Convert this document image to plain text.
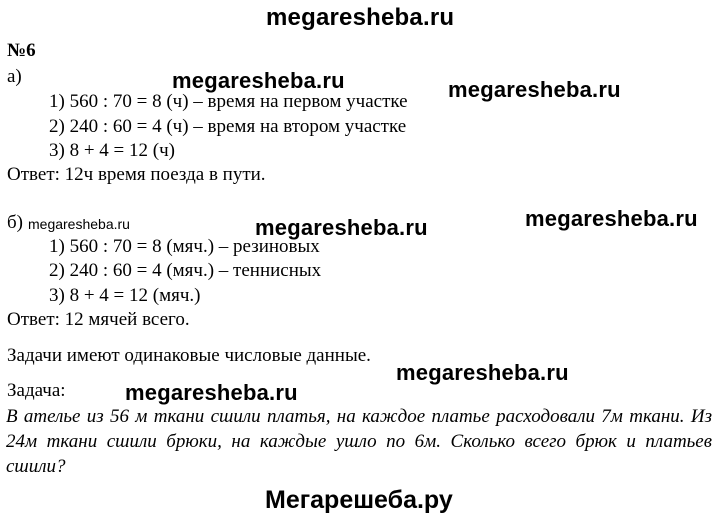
megaresheba.ru
№6
а)	megaresheba.ru	megaresheba.ru
1) 560 : 70 = 8 (ч) – время на первом участке
2) 240 : 60 = 4 (ч) – время на втором участке
3) 8 + 4 = 12 (ч)
Ответ: 12ч время поезда в пути.
б) megaresheba.ru	megaresheba.ru	megaresheba.ru
1) 560 : 70 = 8 (мяч.) – резиновых
2) 240 : 60 = 4 (мяч.) – теннисных
3) 8 + 4 = 12 (мяч.)
Ответ: 12 мячей всего.
Задачи имеют одинаковые числовые данные.
megaresheba.ru
Задача:	megaresheba.ru
В ателье из 56 м ткани сшили платья, на каждое платье расходовали 7м ткани. Из 24м ткани сшили брюки, на каждые ушло по 6м. Сколько всего брюк и платьев сшили?
Мегарешеба.ру
